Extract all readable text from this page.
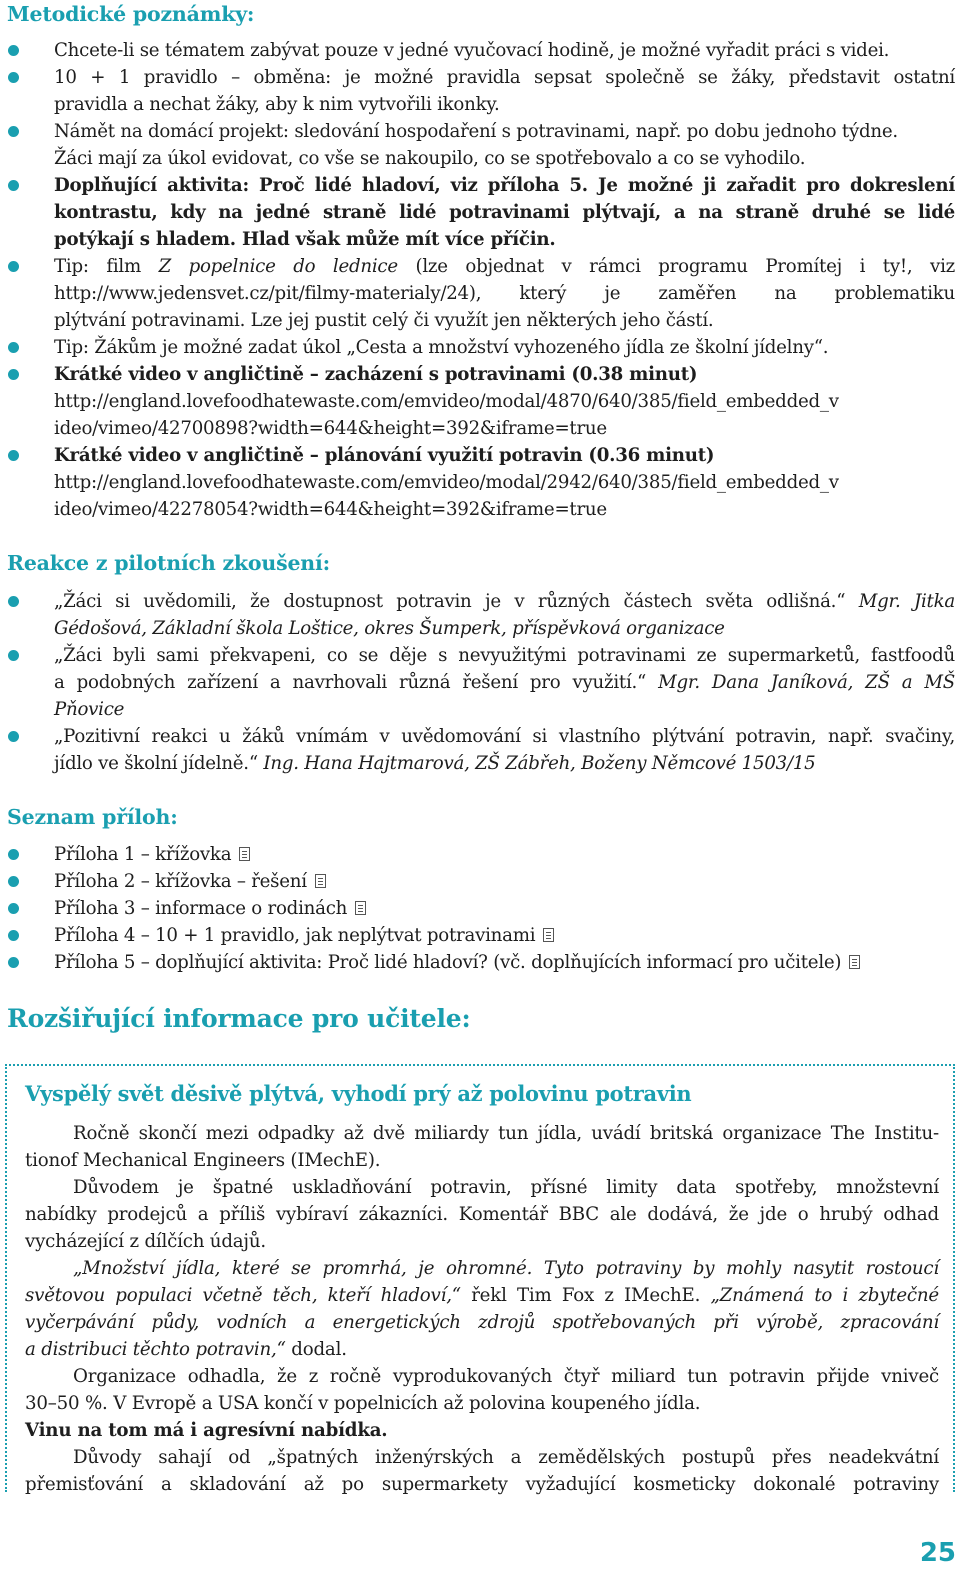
Metodické poznámky:
Chcete-li se tématem zabývat pouze v jedné vyučovací hodině, je možné vyřadit práci s videi.
10 + 1 pravidlo – obměna: je možné pravidla sepsat společně se žáky, představit ostatní
pravidla a nechat žáky, aby k nim vytvořili ikonky.
Námět na domácí projekt: sledování hospodaření s potravinami, např. po dobu jednoho týdne.
Žáci mají za úkol evidovat, co vše se nakoupilo, co se spotřebovalo a co se vyhodilo.
Doplňující aktivita: Proč lidé hladoví, viz příloha 5. Je možné ji zařadit pro dokreslení
kontrastu, kdy na jedné straně lidé potravinami plýtvají, a na straně druhé se lidé
potýkají s hladem. Hlad však může mít více příčin.
Tip: film Z popelnice do lednice (lze objednat v rámci programu Promítej i ty!, viz
http://www.jedensvet.cz/pit/filmy-materialy/24), který je zaměřen na problematiku
plýtvání potravinami. Lze jej pustit celý či využít jen některých jeho částí.
Tip: Žákům je možné zadat úkol „Cesta a množství vyhozeného jídla ze školní jídelny“.
Krátké video v angličtině – zacházení s potravinami (0.38 minut)
http://england.lovefoodhatewaste.com/emvideo/modal/4870/640/385/field_embedded_v
ideo/vimeo/42700898?width=644&height=392&iframe=true
Krátké video v angličtině – plánování využití potravin (0.36 minut)
http://england.lovefoodhatewaste.com/emvideo/modal/2942/640/385/field_embedded_v
ideo/vimeo/42278054?width=644&height=392&iframe=true
Reakce z pilotních zkoušení:
„Žáci si uvědomili, že dostupnost potravin je v různých částech světa odlišná.“ Mgr. Jitka
Gédošová, Základní škola Loštice, okres Šumperk, příspěvková organizace
„Žáci byli sami překvapeni, co se děje s nevyužitými potravinami ze supermarketů, fastfoodů
a podobných zařízení a navrhovali různá řešení pro využití.“ Mgr. Dana Janíková, ZŠ a MŠ
Pňovice
„Pozitivní reakci u žáků vnímám v uvědomování si vlastního plýtvání potravin, např. svačiny,
jídlo ve školní jídelně.“ Ing. Hana Hajtmarová, ZŠ Zábřeh, Boženy Němcové 1503/15
Seznam příloh:
Příloha 1 – křížovka
Příloha 2 – křížovka – řešení
Příloha 3 – informace o rodinách
Příloha 4 – 10 + 1 pravidlo, jak neplýtvat potravinami
Příloha 5 – doplňující aktivita: Proč lidé hladoví? (vč. doplňujících informací pro učitele)
Rozšiřující informace pro učitele:
Vyspělý svět děsivě plýtvá, vyhodí prý až polovinu potravin
Ročně skončí mezi odpadky až dvě miliardy tun jídla, uvádí britská organizace The Institu-
tionof Mechanical Engineers (IMechE).
Důvodem je špatné uskladňování potravin, přísné limity data spotřeby, množstevní
nabídky prodejců a příliš vybíraví zákazníci. Komentář BBC ale dodává, že jde o hrubý odhad
vycházející z dílčích údajů.
„Množství jídla, které se promrhá, je ohromné. Tyto potraviny by mohly nasytit rostoucí
světovou populaci včetně těch, kteří hladoví,“ řekl Tim Fox z IMechE. „Známená to i zbytečné
vyčerpávání půdy, vodních a energetických zdrojů spotřebovaných při výrobě, zpracování
a distribuci těchto potravin,“ dodal.
Organizace odhadla, že z ročně vyprodukovaných čtyř miliard tun potravin přijde vniveč
30–50 %. V Evropě a USA končí v popelnicích až polovina koupeného jídla.
Vinu na tom má i agresívní nabídka.
Důvody sahají od „špatných inženýrských a zemědělských postupů přes neadekvátní
přemisťování a skladování až po supermarkety vyžadující kosmeticky dokonalé potraviny
25
